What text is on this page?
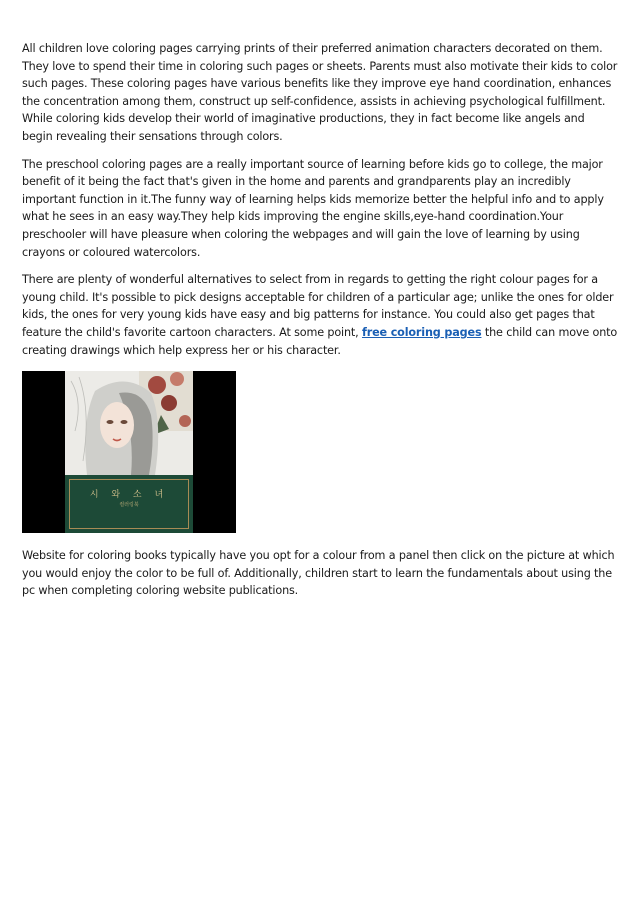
All children love coloring pages carrying prints of their preferred animation characters decorated on them. They love to spend their time in coloring such pages or sheets. Parents must also motivate their kids to color such pages. These coloring pages have various benefits like they improve eye hand coordination, enhances the concentration among them, construct up self-confidence, assists in achieving psychological fulfillment. While coloring kids develop their world of imaginative productions, they in fact become like angels and begin revealing their sensations through colors.

The preschool coloring pages are a really important source of learning before kids go to college, the major benefit of it being the fact that's given in the home and parents and grandparents play an incredibly important function in it.The funny way of learning helps kids memorize better the helpful info and to apply what he sees in an easy way.They help kids improving the engine skills,eye-hand coordination.Your preschooler will have pleasure when coloring the webpages and will gain the love of learning by using crayons or coloured watercolors.

There are plenty of wonderful alternatives to select from in regards to getting the right colour pages for a young child. It's possible to pick designs acceptable for children of a particular age; unlike the ones for older kids, the ones for very young kids have easy and big patterns for instance. You could also get pages that feature the child's favorite cartoon characters. At some point, free coloring pages the child can move onto creating drawings which help express her or his character.

시 와 소 녀
컬러링북

Website for coloring books typically have you opt for a colour from a panel then click on the picture at which you would enjoy the color to be full of. Additionally, children start to learn the fundamentals about using the pc when completing coloring website publications.
